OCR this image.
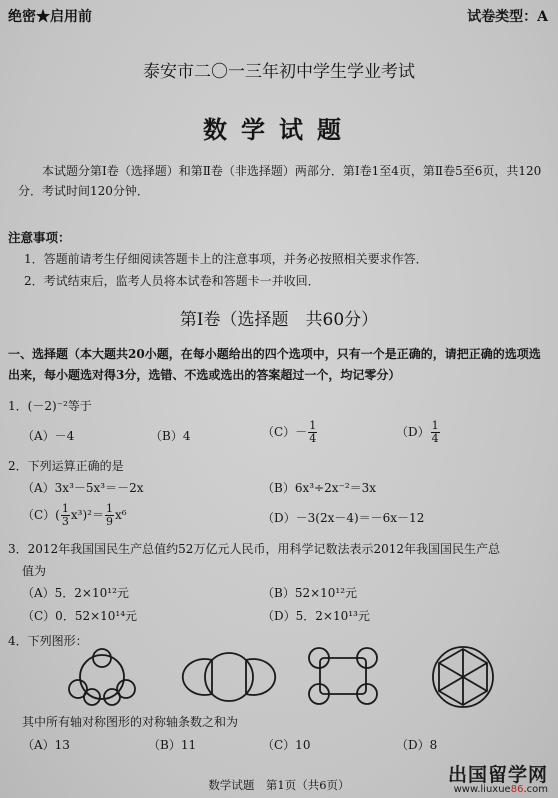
绝密★启用前	试卷类型：A
泰安市二〇一三年初中学生学业考试
数学试题
本试题分第Ⅰ卷（选择题）和第Ⅱ卷（非选择题）两部分．第Ⅰ卷1至4页，第Ⅱ卷5至6页，共120分．考试时间120分钟．
注意事项：
1．答题前请考生仔细阅读答题卡上的注意事项，并务必按照相关要求作答．
2．考试结束后，监考人员将本试卷和答题卡一并收回．
第Ⅰ卷（选择题　共60分）
一、选择题（本大题共20小题，在每小题给出的四个选项中，只有一个是正确的，请把正确的选项选出来，每小题选对得3分，选错、不选或选出的答案超过一个，均记零分）
1．(－2)⁻²等于
（A）－4	（B）4	$(C)- \frac{1}{4}$	$(D) \frac{1}{4}$
2．下列运算正确的是
（A）3x³－5x³＝－2x	（B）6x³÷2x⁻²＝3x
$(C)( \frac{1}{3} x^3)^2= \frac{1}{9} x^6$	（D）－3(2x－4)＝－6x－12
3．2012年我国国民生产总值约52万亿元人民币，用科学记数法表示2012年我国国民生产总
值为
（A）5．2×10¹²元	（B）52×10¹²元
（C）0．52×10¹⁴元	（D）5．2×10¹³元
4．下列图形：
其中所有轴对称图形的对称轴条数之和为
（A）13	（B）11	（C）10	（D）8
数学试题　第1页（共6页）	出国留学网
www.liuxue86.com
